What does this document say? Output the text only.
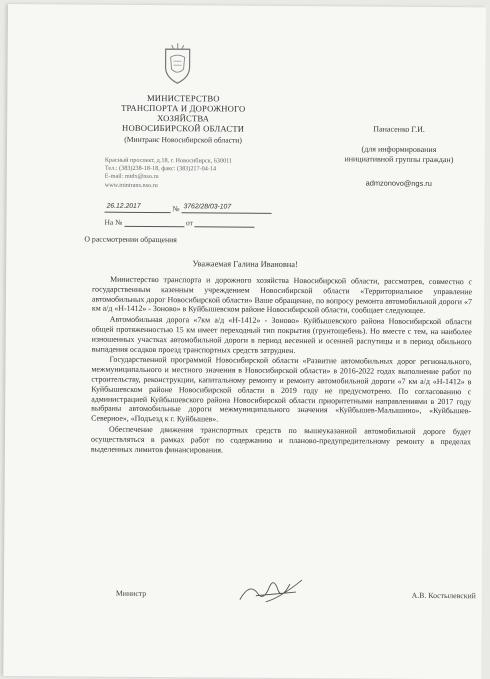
МИНИСТЕРСТВО
ТРАНСПОРТА И ДОРОЖНОГО
ХОЗЯЙСТВА
НОВОСИБИРСКОЙ ОБЛАСТИ
(Минтранс Новосибирской области)
Красный проспект, д.18, г. Новосибирск, 630011
Тел.: (383)238-18-18, факс: (383)217-04-14
E-mail: mtdx@nso.ru
www.mintrans.nso.ru
26.12.2017	№ 3762/28/03-107
На №	от
Панасенко Г.И.
(для информирования
инициативной группы граждан)
admzonovo@ngs.ru
О рассмотрении обращения
Уважаемая Галина Ивановна!

Министерство транспорта и дорожного хозяйства Новосибирской области, рассмотрев, совместно с государственным казенным учреждением Новосибирской области «Территориальное управление автомобильных дорог Новосибирской области» Ваше обращение, по вопросу ремонта автомобильной дороги «7 км а/д «Н-1412» - Зоново» в Куйбышевском районе Новосибирской области, сообщает следующее.

Автомобильная дорога «7км а/д «Н-1412» - Зоново» Куйбышевского района Новосибирской области общей протяженностью 15 км имеет переходный тип покрытия (грунтощебень). Но вместе с тем, на наиболее изношенных участках автомобильной дороги в период весенней и осенней распутицы и в период обильного выпадения осадков проезд транспортных средств затруднен.

Государственной программой Новосибирской области «Развитие автомобильных дорог регионального, межмуниципального и местного значения в Новосибирской области» в 2016-2022 годах выполнение работ по строительству, реконструкции, капитальному ремонту и ремонту автомобильной дороги «7 км а/д «Н-1412» в Куйбышевском районе Новосибирской области в 2019 году не предусмотрено. По согласованию с администрацией Куйбышевского района Новосибирской области приоритетными направлениями в 2017 году выбраны автомобильные дороги межмуниципального значения «Куйбышев-Малышино», «Куйбышев-Северное», «Подъезд к г. Куйбышев».

Обеспечение движения транспортных средств по вышеуказанной автомобильной дороге будет осуществляться в рамках работ по содержанию и планово-предупредительному ремонту в пределах выделенных лимитов финансирования.

Министр	А.В. Костылевский
